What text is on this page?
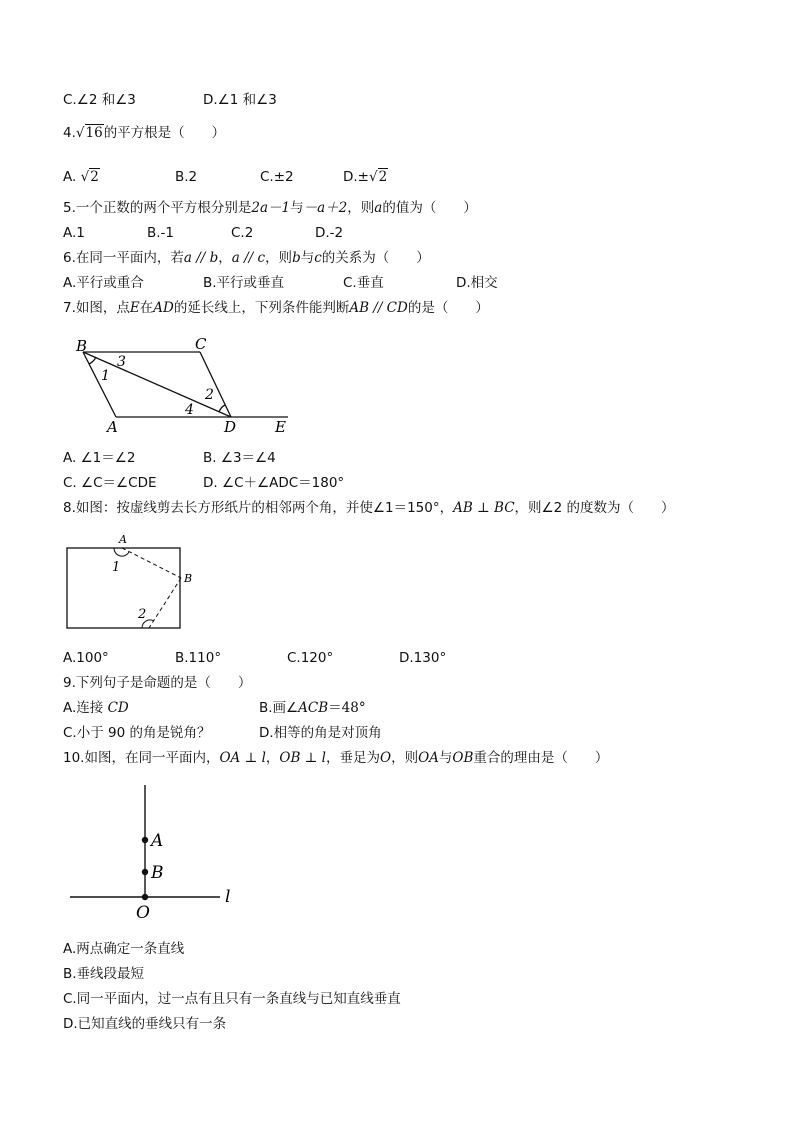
C.∠2 和∠3	D.∠1 和∠3
4.√16的平方根是（　　）
A. √2	B.2	C.±2	D.±√2
5.一个正数的两个平方根分别是2a－1与－a＋2，则a的值为（　　）
A.1	B.-1	C.2	D.-2
6.在同一平面内，若a // b，a // c，则b与c的关系为（　　）
A.平行或重合	B.平行或垂直	C.垂直	D.相交
7.如图，点E在AD的延长线上，下列条件能判断AB // CD的是（　　）
B	C
A	D	E
1
2
3
4
A. ∠1＝∠2	B. ∠3＝∠4
C. ∠C＝∠CDE	D. ∠C＋∠ADC＝180°
8.如图：按虚线剪去长方形纸片的相邻两个角，并使∠1＝150°，AB ⊥ BC，则∠2 的度数为（　　）
A
B
1
2
A.100°	B.110°	C.120°	D.130°
9.下列句子是命题的是（　　）
A.连接 CD	B.画∠ACB＝48°
C.小于 90 的角是锐角？	D.相等的角是对顶角
10.如图，在同一平面内，OA ⊥ l，OB ⊥ l，垂足为O，则OA与OB重合的理由是（　　）
A
B
O
l
A.两点确定一条直线
B.垂线段最短
C.同一平面内，过一点有且只有一条直线与已知直线垂直
D.已知直线的垂线只有一条
